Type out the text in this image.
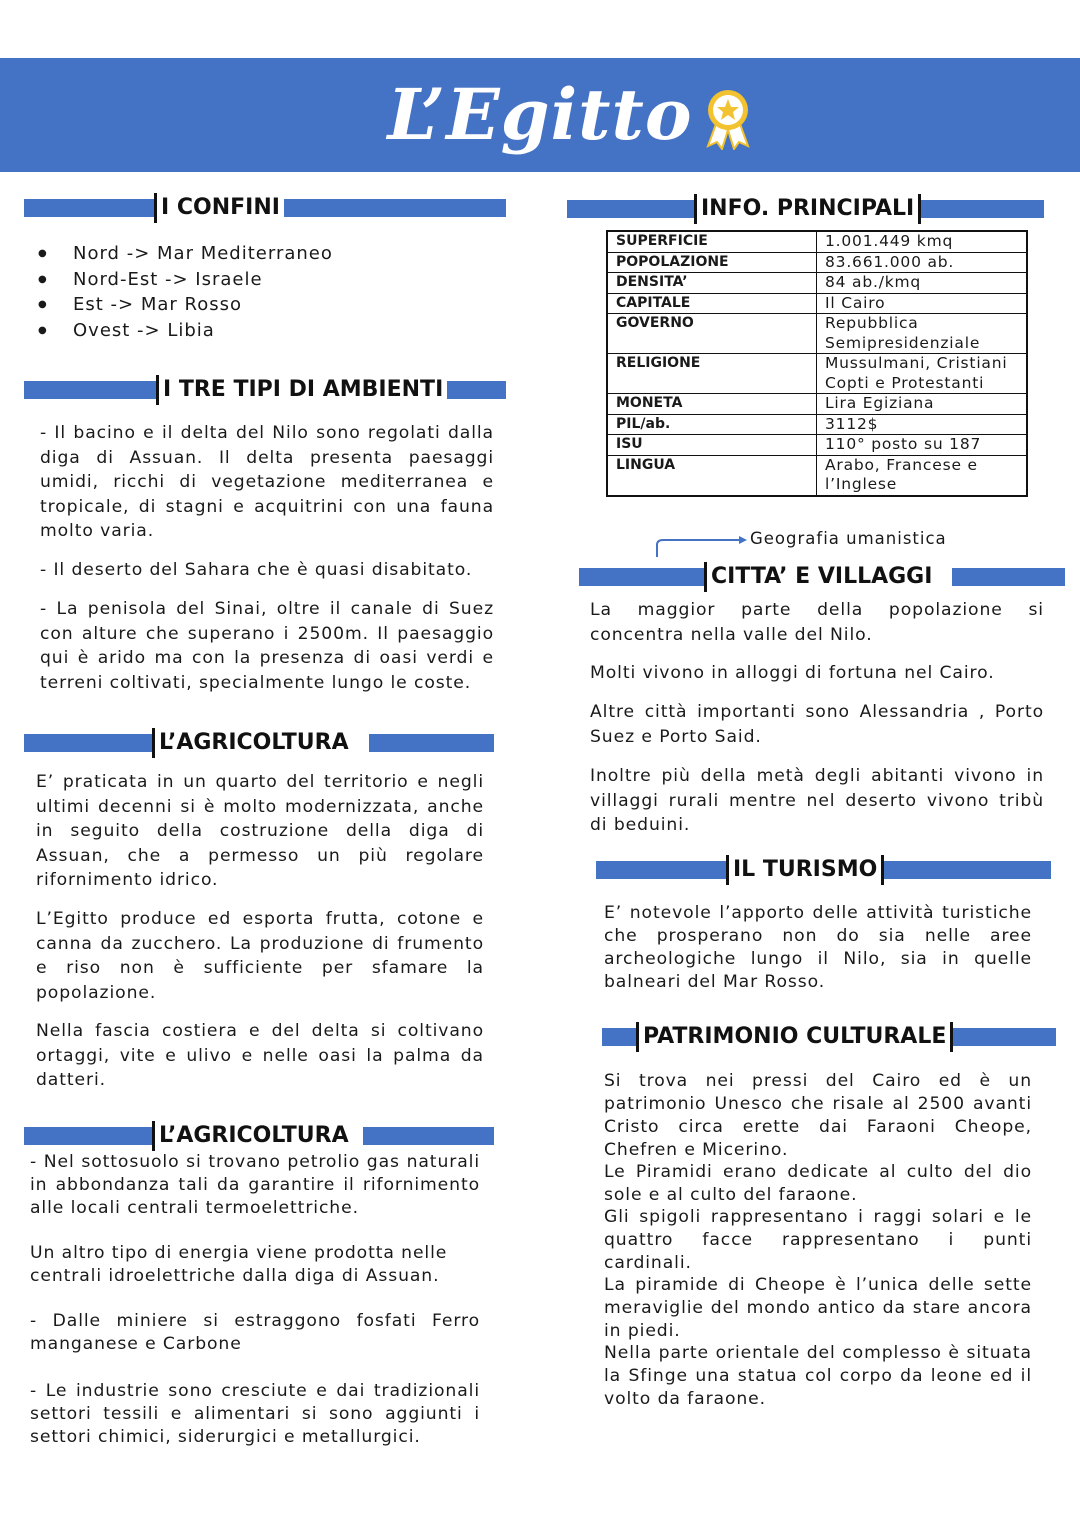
L’Egitto
I CONFINI
● Nord -> Mar Mediterraneo
● Nord-Est -> Israele
● Est -> Mar Rosso
● Ovest -> Libia
I TRE TIPI DI AMBIENTI

- Il bacino e il delta del Nilo sono regolati dalla diga di Assuan. Il delta presenta paesaggi umidi, ricchi di vegetazione mediterranea e tropicale, di stagni e acquitrini con una fauna molto varia.

- Il deserto del Sahara che è quasi disabitato.

- La penisola del Sinai, oltre il canale di Suez con alture che superano i 2500m. Il paesaggio qui è arido ma con la presenza di oasi verdi e terreni coltivati, specialmente lungo le coste.

L’AGRICOLTURA

E’ praticata in un quarto del territorio e negli ultimi decenni si è molto modernizzata, anche in seguito della costruzione della diga di Assuan, che a permesso un più regolare rifornimento idrico.

L’Egitto produce ed esporta frutta, cotone e canna da zucchero. La produzione di frumento e riso non è sufficiente per sfamare la popolazione.

Nella fascia costiera e del delta si coltivano ortaggi, vite e ulivo e nelle oasi la palma da datteri.

L’AGRICOLTURA

- Nel sottosuolo si trovano petrolio gas naturali in abbondanza tali da garantire il rifornimento alle locali centrali termoelettriche.

Un altro tipo di energia viene prodotta nelle centrali idroelettriche dalla diga di Assuan.

- Dalle miniere si estraggono fosfati Ferro manganese e Carbone

- Le industrie sono cresciute e dai tradizionali settori tessili e alimentari si sono aggiunti i settori chimici, siderurgici e metallurgici.

INFO. PRINCIPALI
SUPERFICIE	1.001.449 kmq
POPOLAZIONE	83.661.000 ab.
DENSITA’	84 ab./kmq
CAPITALE	Il Cairo
GOVERNO	Repubblica Semipresidenziale
RELIGIONE	Mussulmani, Cristiani Copti e Protestanti
MONETA	Lira Egiziana
PIL/ab.	3112$
ISU	110° posto su 187
LINGUA	Arabo, Francese e l’Inglese
Geografia umanistica
CITTA’ E VILLAGGI

La maggior parte della popolazione si concentra nella valle del Nilo.

Molti vivono in alloggi di fortuna nel Cairo.

Altre città importanti sono Alessandria , Porto Suez e Porto Said.

Inoltre più della metà degli abitanti vivono in villaggi rurali mentre nel deserto vivono tribù di beduini.

IL TURISMO

E’ notevole l’apporto delle attività turistiche che prosperano non do sia nelle aree archeologiche lungo il Nilo, sia in quelle balneari del Mar Rosso.

PATRIMONIO CULTURALE

Si trova nei pressi del Cairo ed è un patrimonio Unesco che risale al 2500 avanti Cristo circa erette dai Faraoni Cheope, Chefren e Micerino.

Le Piramidi erano dedicate al culto del dio sole e al culto del faraone.

Gli spigoli rappresentano i raggi solari e le quattro facce rappresentano i punti cardinali.

La piramide di Cheope è l’unica delle sette meraviglie del mondo antico da stare ancora in piedi.

Nella parte orientale del complesso è situata la Sfinge una statua col corpo da leone ed il volto da faraone.
